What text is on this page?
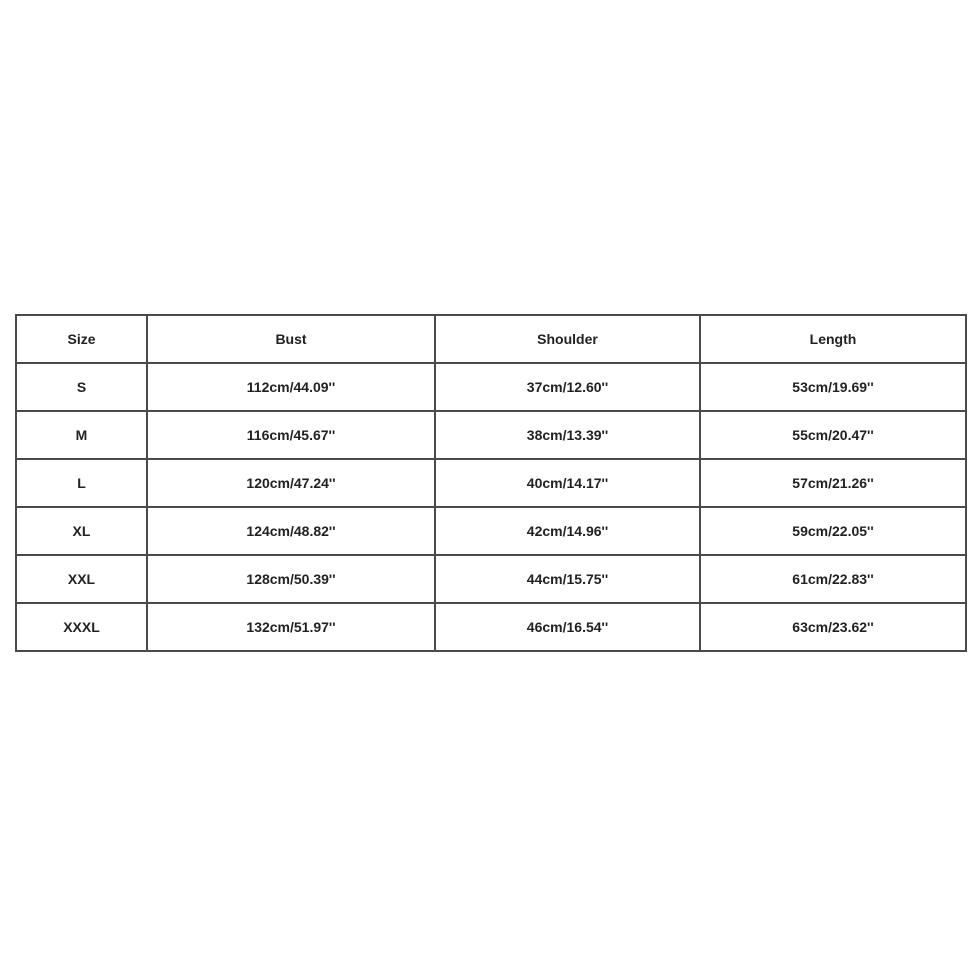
Size	Bust	Shoulder	Length
S	112cm/44.09''	37cm/12.60''	53cm/19.69''
M	116cm/45.67''	38cm/13.39''	55cm/20.47''
L	120cm/47.24''	40cm/14.17''	57cm/21.26''
XL	124cm/48.82''	42cm/14.96''	59cm/22.05''
XXL	128cm/50.39''	44cm/15.75''	61cm/22.83''
XXXL	132cm/51.97''	46cm/16.54''	63cm/23.62''
